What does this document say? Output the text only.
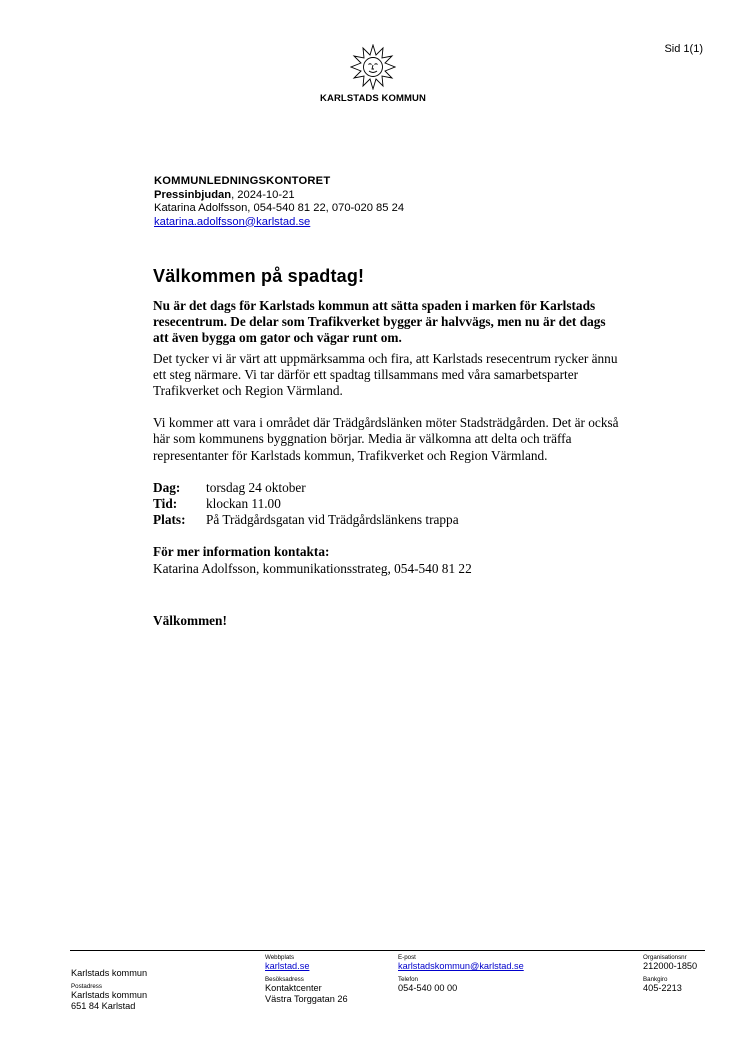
Sid 1(1)
KARLSTADS KOMMUN
KOMMUNLEDNINGSKONTORET
Pressinbjudan, 2024-10-21
Katarina Adolfsson, 054-540 81 22, 070-020 85 24
katarina.adolfsson@karlstad.se
Välkommen på spadtag!

Nu är det dags för Karlstads kommun att sätta spaden i marken för Karlstads resecentrum. De delar som Trafikverket bygger är halvvägs, men nu är det dags att även bygga om gator och vägar runt om.

Det tycker vi är värt att uppmärksamma och fira, att Karlstads resecentrum rycker ännu ett steg närmare. Vi tar därför ett spadtag tillsammans med våra samarbetsparter Trafikverket och Region Värmland.

Vi kommer att vara i området där Trädgårdslänken möter Stadsträdgården. Det är också här som kommunens byggnation börjar. Media är välkomna att delta och träffa representanter för Karlstads kommun, Trafikverket och Region Värmland.

Dag:	torsdag 24 oktober
Tid:	klockan 11.00
Plats:	På Trädgårdsgatan vid Trädgårdslänkens trappa
För mer information kontakta:
Katarina Adolfsson, kommunikationsstrateg, 054-540 81 22
Välkommen!

Karlstads kommun
Postadress
Karlstads kommun
651 84 Karlstad
Webbplats
karlstad.se
Besöksadress
Kontaktcenter
Västra Torggatan 26
E-post
karlstadskommun@karlstad.se
Telefon
054-540 00 00
Organisationsnr
212000-1850
Bankgiro
405-2213
